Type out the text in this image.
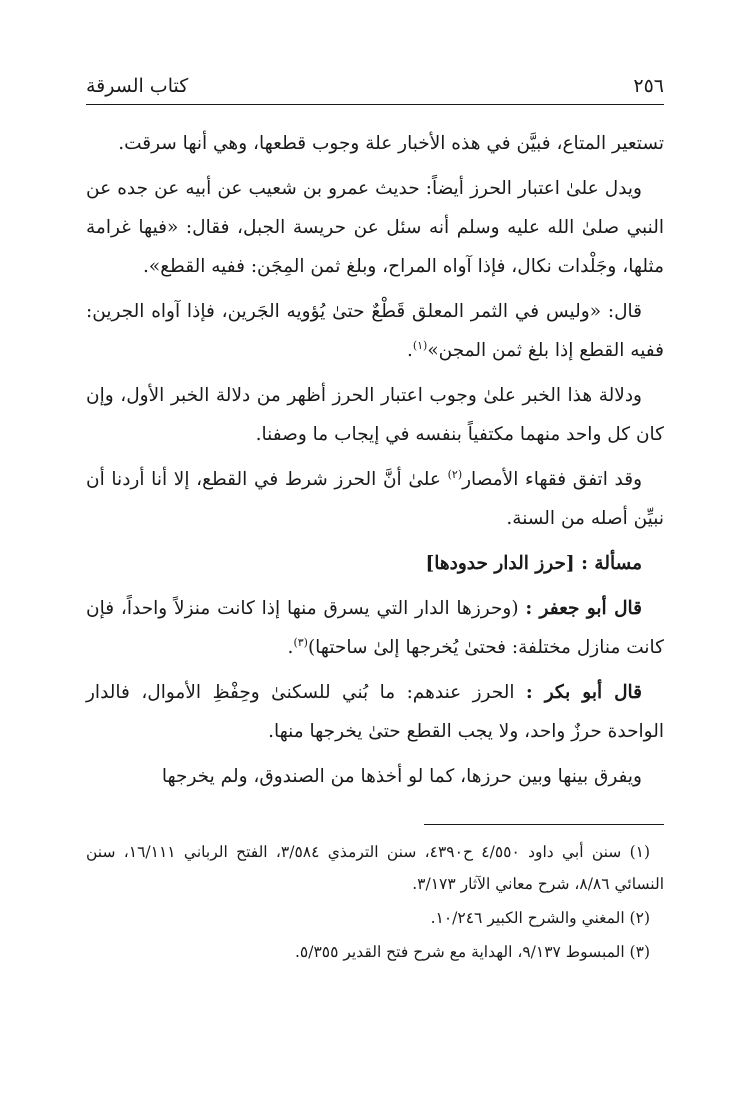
٢٥٦
كتاب السرقة

تستعير المتاع، فبيَّن في هذه الأخبار علة وجوب قطعها، وهي أنها سرقت.

ويدل علىٰ اعتبار الحرز أيضاً: حديث عمرو بن شعيب عن أبيه عن جده عن النبي صلىٰ الله عليه وسلم أنه سئل عن حريسة الجبل، فقال: «فيها غرامة مثلها، وجَلْدات نكال، فإذا آواه المراح، وبلغ ثمن المِجَن: ففيه القطع».

قال: «وليس في الثمر المعلق قَطْعٌ حتىٰ يُؤويه الجَرين، فإذا آواه الجرين: ففيه القطع إذا بلغ ثمن المجن»$^{(١)}$.

ودلالة هذا الخبر علىٰ وجوب اعتبار الحرز أظهر من دلالة الخبر الأول، وإن كان كل واحد منهما مكتفياً بنفسه في إيجاب ما وصفنا.

وقد اتفق فقهاء الأمصار$^{(٢)}$ علىٰ أنَّ الحرز شرط في القطع، إلا أنا أردنا أن نبيِّن أصله من السنة.

مسألة : [حرز الدار حدودها]

قال أبو جعفر : (وحرزها الدار التي يسرق منها إذا كانت منزلاً واحداً، فإن كانت منازل مختلفة: فحتىٰ يُخرجها إلىٰ ساحتها)$^{(٣)}$.

قال أبو بكر : الحرز عندهم: ما بُني للسكنىٰ وحِفْظِ الأموال، فالدار الواحدة حرزٌ واحد، ولا يجب القطع حتىٰ يخرجها منها.

ويفرق بينها وبين حرزها، كما لو أخذها من الصندوق، ولم يخرجها

(١) سنن أبي داود ٤/٥٥٠ ح٤٣٩٠، سنن الترمذي ٣/٥٨٤، الفتح الرباني ١٦/١١١، سنن النسائي ٨/٨٦، شرح معاني الآثار ٣/١٧٣.

(٢) المغني والشرح الكبير ١٠/٢٤٦.

(٣) المبسوط ٩/١٣٧، الهداية مع شرح فتح القدير ٥/٣٥٥.
